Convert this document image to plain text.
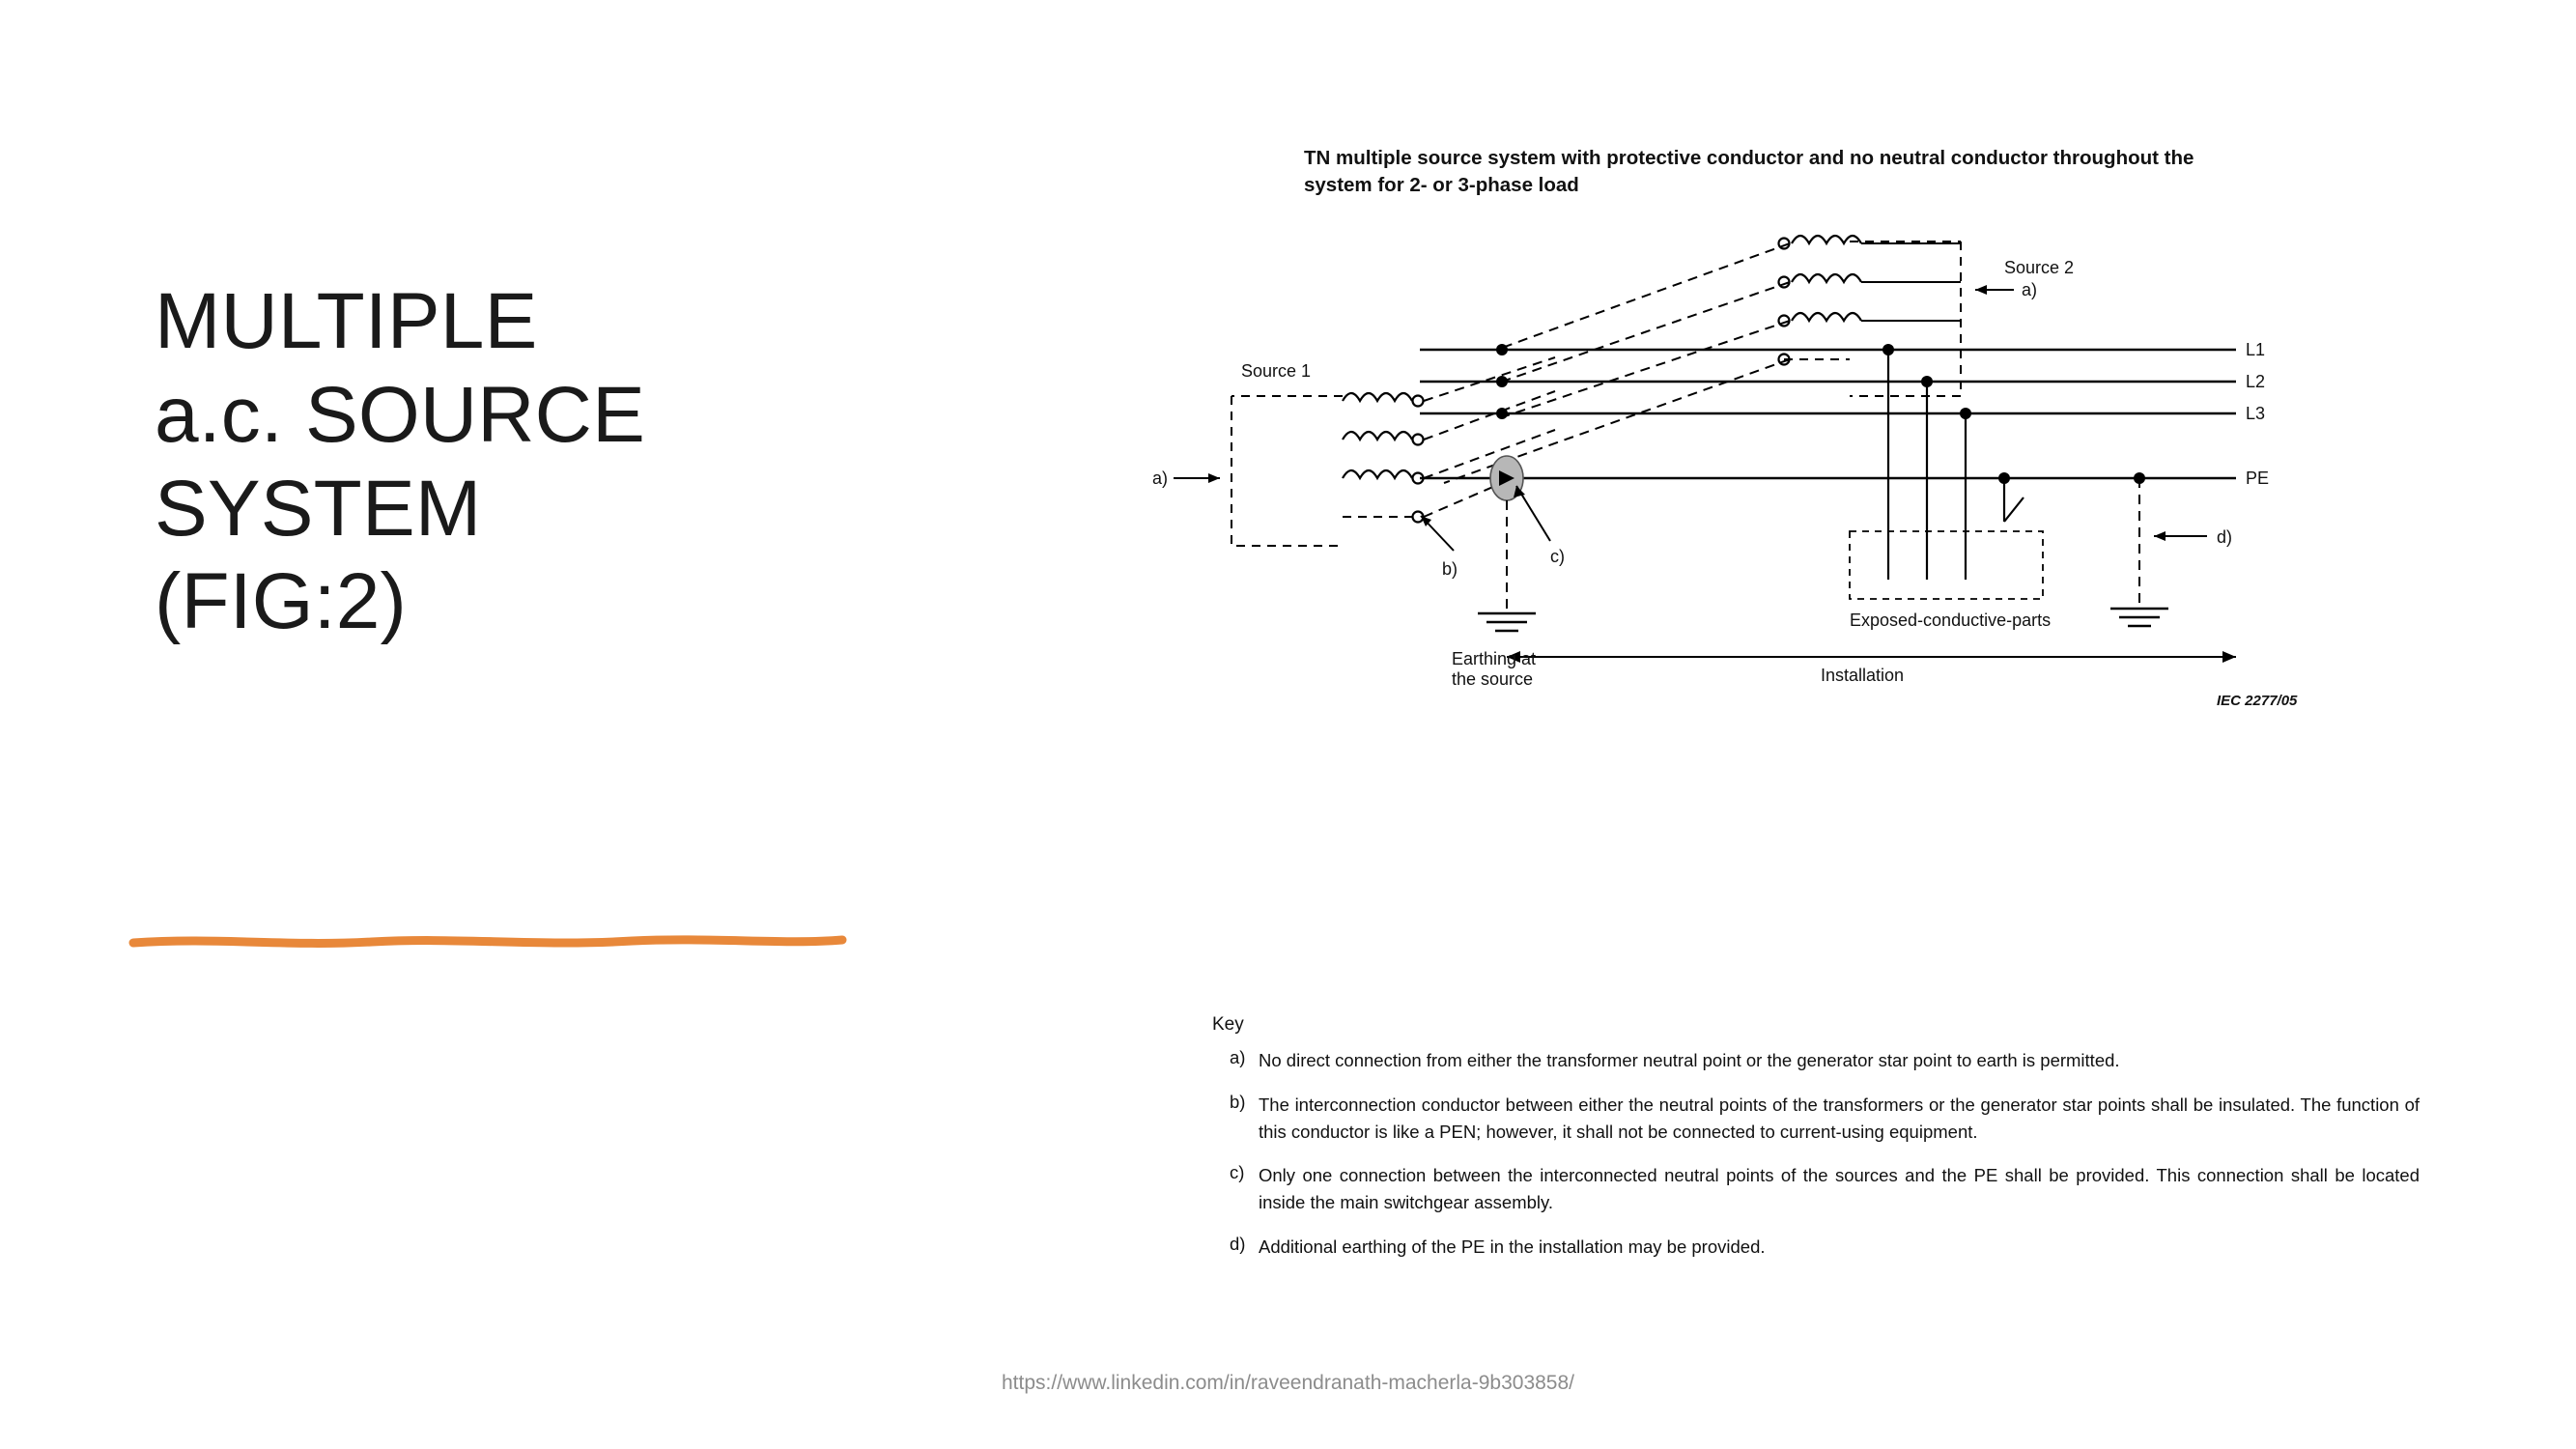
MULTIPLE
a.c. SOURCE
SYSTEM
(FIG:2)
TN multiple source system with protective conductor and no neutral conductor throughout the system for 2- or 3-phase load
L1
L2
L3
PE
a)
a)
b)
c)
d)
Source 2
Source 1
Exposed-conductive-parts
Earthing at
the source	Installation
IEC 2277/05
Key
a) No direct connection from either the transformer neutral point or the generator star point to earth is permitted.
b) The interconnection conductor between either the neutral points of the transformers or the generator star points shall be insulated. The function of this conductor is like a PEN; however, it shall not be connected to current-using equipment.
c) Only one connection between the interconnected neutral points of the sources and the PE shall be provided. This connection shall be located inside the main switchgear assembly.
d) Additional earthing of the PE in the installation may be provided.
https://www.linkedin.com/in/raveendranath-macherla-9b303858/
